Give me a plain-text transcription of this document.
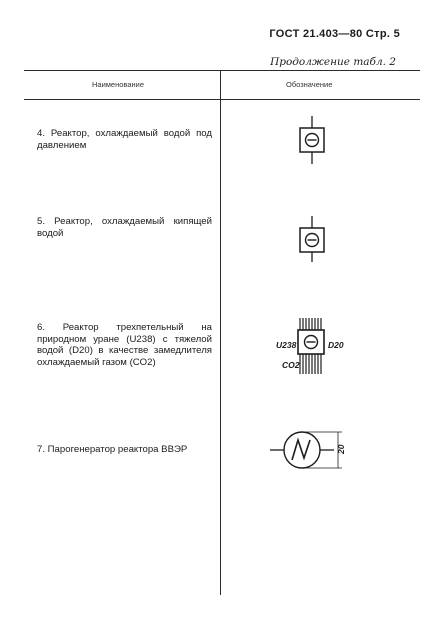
ГОСТ 21.403—80 Стр. 5
Продолжение табл. 2
Наименование	Обозначение
4. Реактор, охлаждаемый водой под давлением
5. Реактор, охлаждаемый кипящей водой
6. Реактор трехпетельный на природном уране (U238) с тяжелой водой (D20) в качестве замедлителя охлаждаемый газом (CO2)
7. Парогенератор реактора ВВЭР
U238	D20
CO2
20
